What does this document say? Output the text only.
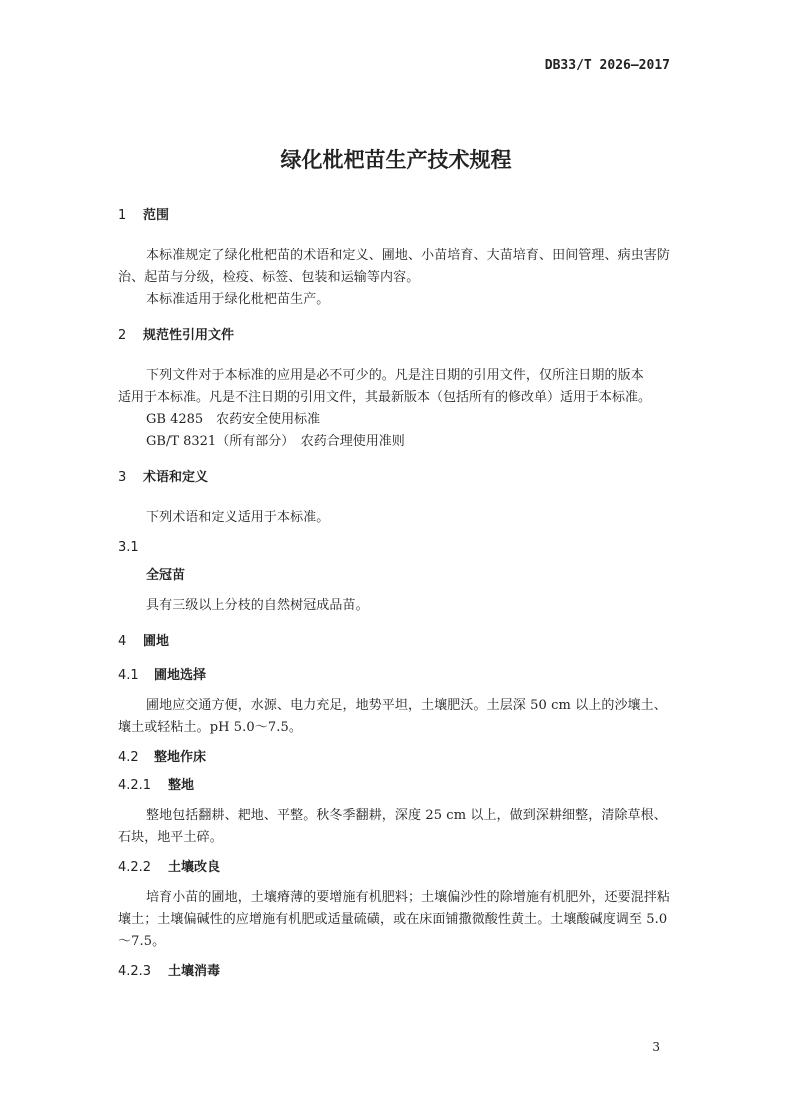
DB33/T 2026—2017
绿化枇杷苗生产技术规程
1 范围
本标准规定了绿化枇杷苗的术语和定义、圃地、小苗培育、大苗培育、田间管理、病虫害防治、起苗与分级，检疫、标签、包装和运输等内容。
本标准适用于绿化枇杷苗生产。
2 规范性引用文件
下列文件对于本标准的应用是必不可少的。凡是注日期的引用文件，仅所注日期的版本
适用于本标准。凡是不注日期的引用文件，其最新版本（包括所有的修改单）适用于本标准。
GB 4285　农药安全使用标准
GB/T 8321（所有部分）　农药合理使用准则
3 术语和定义
下列术语和定义适用于本标准。
3.1
全冠苗
具有三级以上分枝的自然树冠成品苗。
4 圃地
4.1 圃地选择
圃地应交通方便，水源、电力充足，地势平坦，土壤肥沃。土层深 50 cm 以上的沙壤土、壤土或轻粘土。pH 5.0～7.5。
4.2 整地作床
4.2.1 整地
整地包括翻耕、耙地、平整。秋冬季翻耕，深度 25 cm 以上，做到深耕细整，清除草根、石块，地平土碎。
4.2.2 土壤改良
培育小苗的圃地，土壤瘠薄的要增施有机肥料；土壤偏沙性的除增施有机肥外，还要混拌粘壤土；土壤偏碱性的应增施有机肥或适量硫磺，或在床面铺撒微酸性黄土。土壤酸碱度调至 5.0～7.5。
4.2.3 土壤消毒
3
